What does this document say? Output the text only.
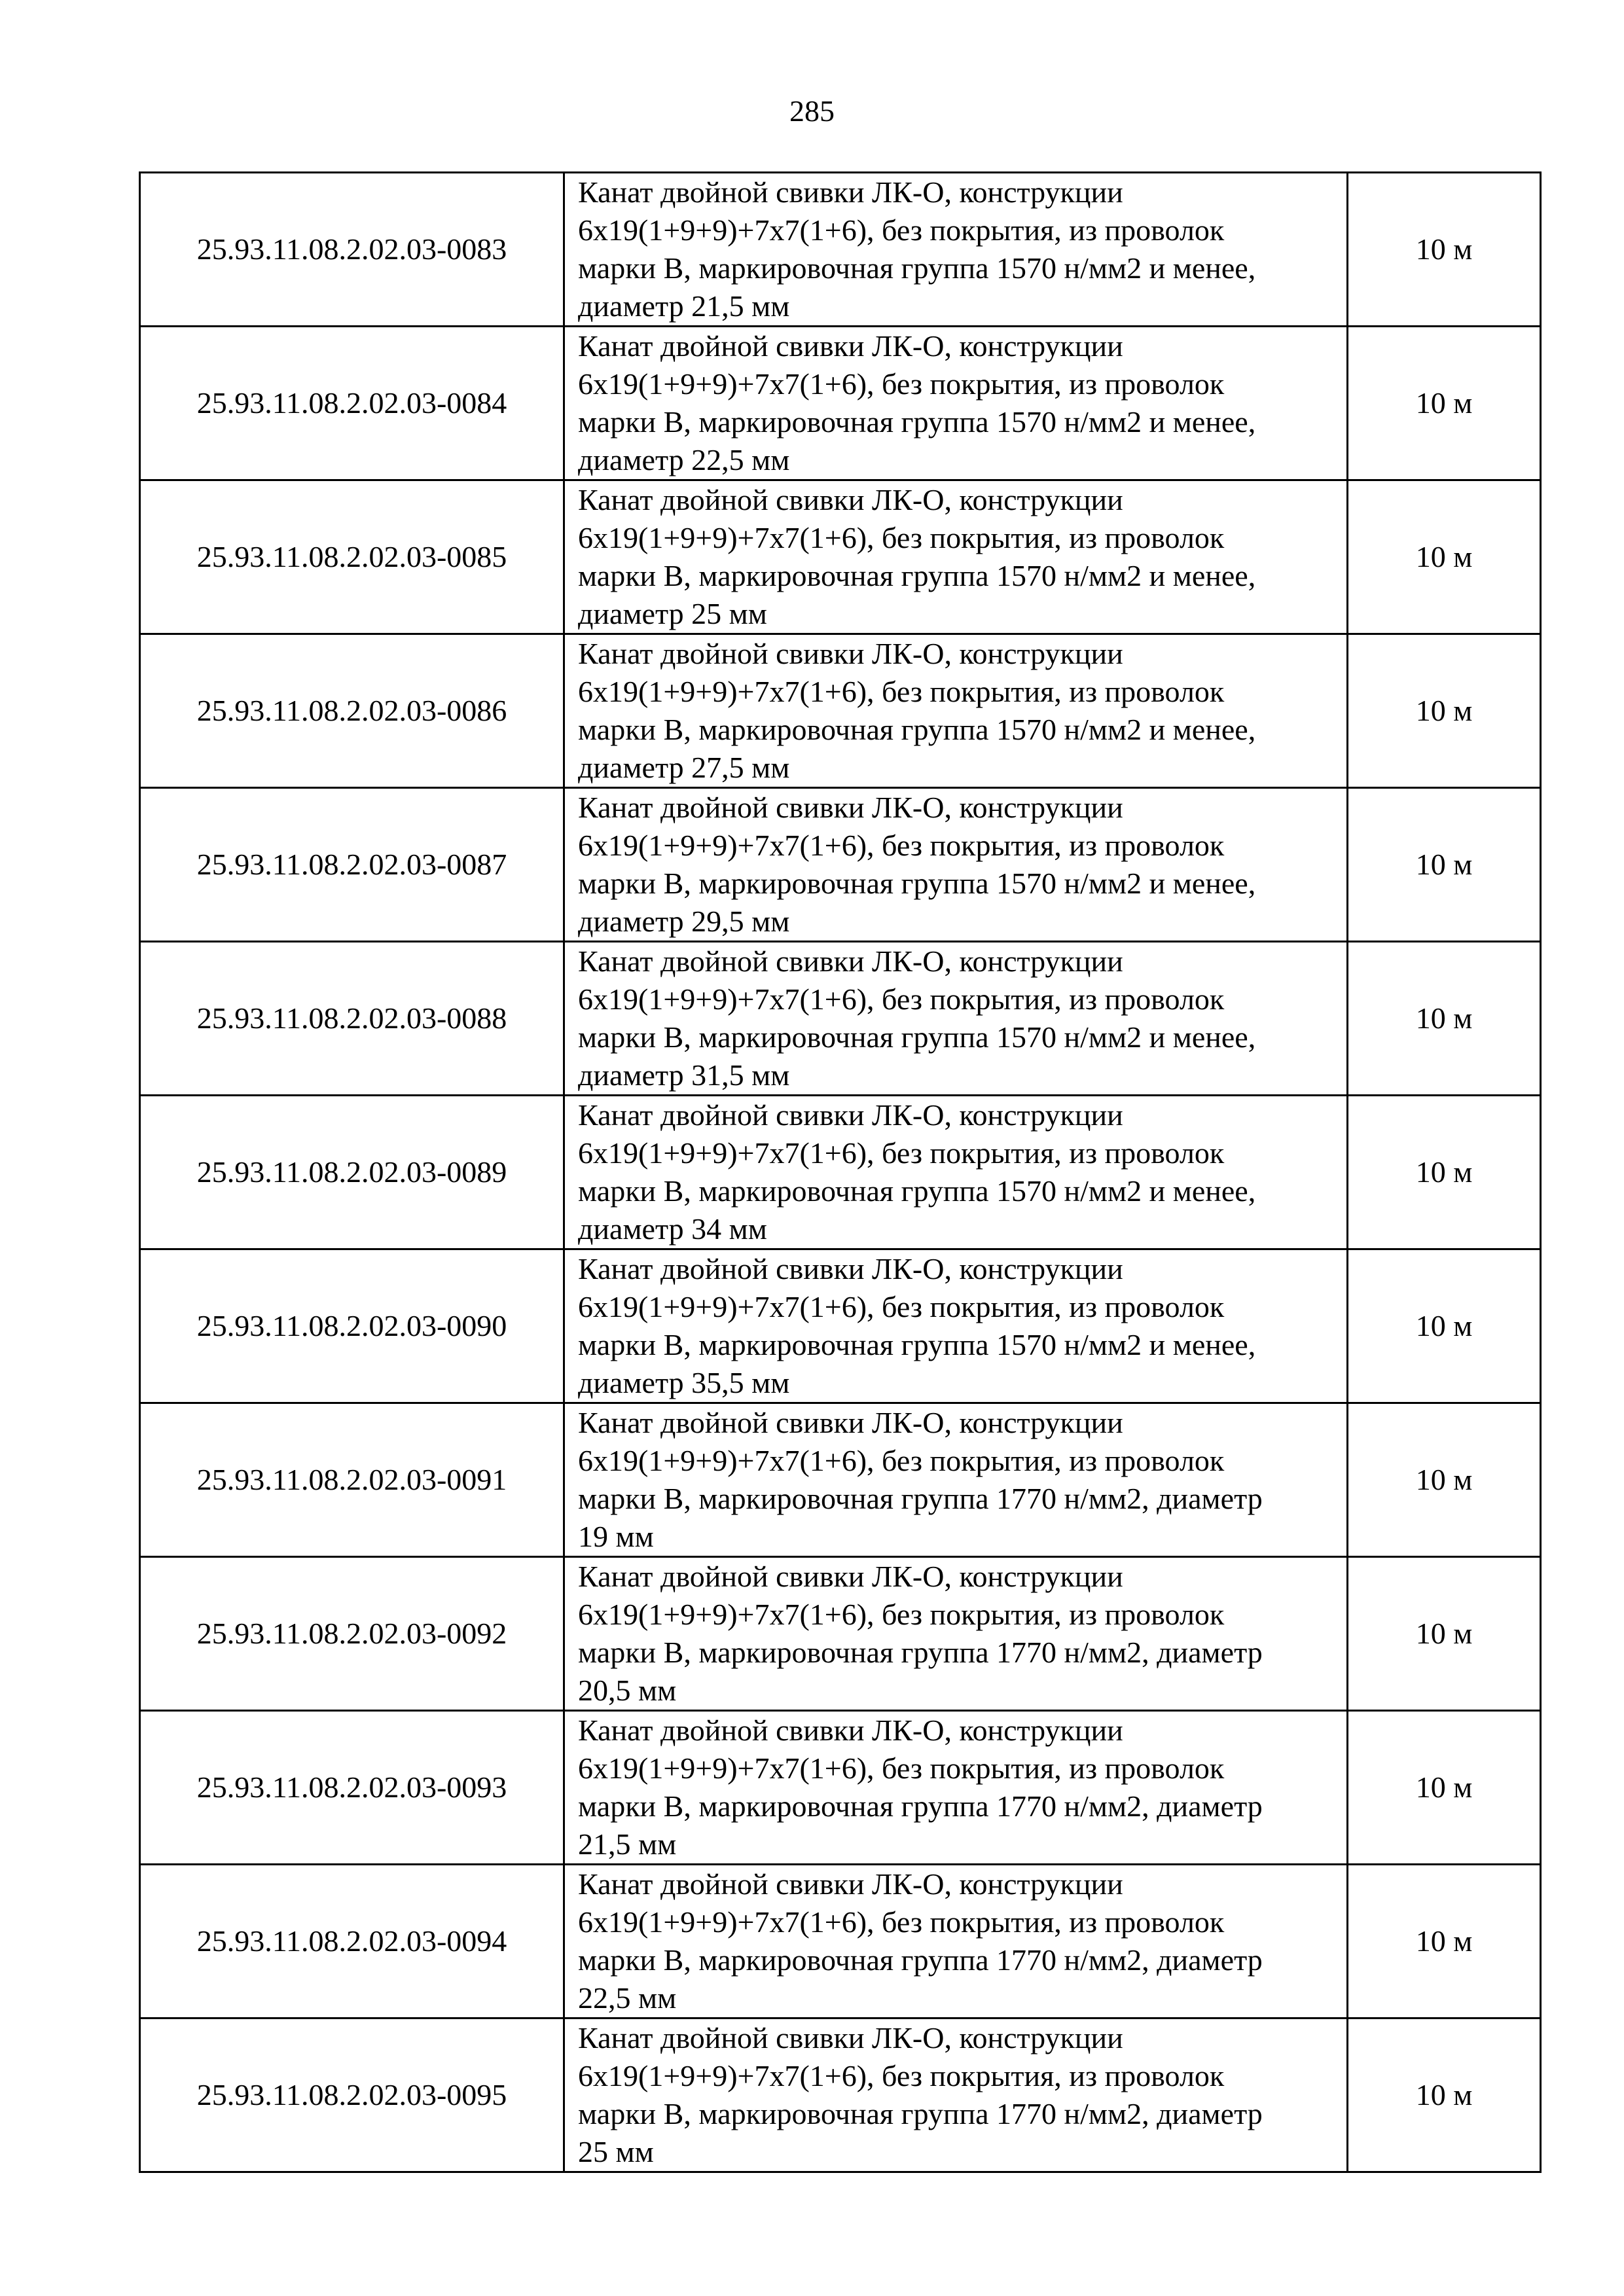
285
25.93.11.08.2.02.03-0083	Канат двойной свивки ЛК-О, конструкции
6х19(1+9+9)+7х7(1+6), без покрытия, из проволок
марки В, маркировочная группа 1570 н/мм2 и менее,
диаметр 21,5 мм	10 м
25.93.11.08.2.02.03-0084	Канат двойной свивки ЛК-О, конструкции
6х19(1+9+9)+7х7(1+6), без покрытия, из проволок
марки В, маркировочная группа 1570 н/мм2 и менее,
диаметр 22,5 мм	10 м
25.93.11.08.2.02.03-0085	Канат двойной свивки ЛК-О, конструкции
6х19(1+9+9)+7х7(1+6), без покрытия, из проволок
марки В, маркировочная группа 1570 н/мм2 и менее,
диаметр 25 мм	10 м
25.93.11.08.2.02.03-0086	Канат двойной свивки ЛК-О, конструкции
6х19(1+9+9)+7х7(1+6), без покрытия, из проволок
марки В, маркировочная группа 1570 н/мм2 и менее,
диаметр 27,5 мм	10 м
25.93.11.08.2.02.03-0087	Канат двойной свивки ЛК-О, конструкции
6х19(1+9+9)+7х7(1+6), без покрытия, из проволок
марки В, маркировочная группа 1570 н/мм2 и менее,
диаметр 29,5 мм	10 м
25.93.11.08.2.02.03-0088	Канат двойной свивки ЛК-О, конструкции
6х19(1+9+9)+7х7(1+6), без покрытия, из проволок
марки В, маркировочная группа 1570 н/мм2 и менее,
диаметр 31,5 мм	10 м
25.93.11.08.2.02.03-0089	Канат двойной свивки ЛК-О, конструкции
6х19(1+9+9)+7х7(1+6), без покрытия, из проволок
марки В, маркировочная группа 1570 н/мм2 и менее,
диаметр 34 мм	10 м
25.93.11.08.2.02.03-0090	Канат двойной свивки ЛК-О, конструкции
6х19(1+9+9)+7х7(1+6), без покрытия, из проволок
марки В, маркировочная группа 1570 н/мм2 и менее,
диаметр 35,5 мм	10 м
25.93.11.08.2.02.03-0091	Канат двойной свивки ЛК-О, конструкции
6х19(1+9+9)+7х7(1+6), без покрытия, из проволок
марки В, маркировочная группа 1770 н/мм2, диаметр
19 мм	10 м
25.93.11.08.2.02.03-0092	Канат двойной свивки ЛК-О, конструкции
6х19(1+9+9)+7х7(1+6), без покрытия, из проволок
марки В, маркировочная группа 1770 н/мм2, диаметр
20,5 мм	10 м
25.93.11.08.2.02.03-0093	Канат двойной свивки ЛК-О, конструкции
6х19(1+9+9)+7х7(1+6), без покрытия, из проволок
марки В, маркировочная группа 1770 н/мм2, диаметр
21,5 мм	10 м
25.93.11.08.2.02.03-0094	Канат двойной свивки ЛК-О, конструкции
6х19(1+9+9)+7х7(1+6), без покрытия, из проволок
марки В, маркировочная группа 1770 н/мм2, диаметр
22,5 мм	10 м
25.93.11.08.2.02.03-0095	Канат двойной свивки ЛК-О, конструкции
6х19(1+9+9)+7х7(1+6), без покрытия, из проволок
марки В, маркировочная группа 1770 н/мм2, диаметр
25 мм	10 м
